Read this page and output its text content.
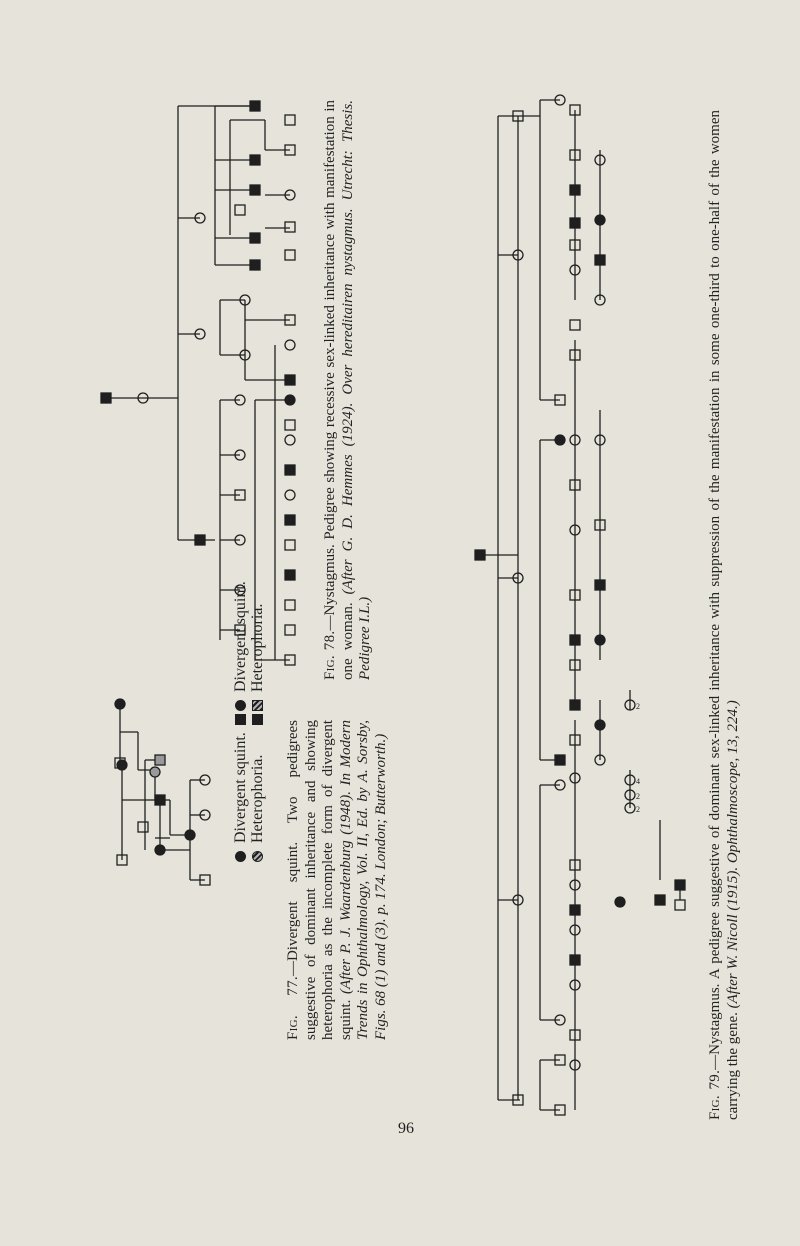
2
4
2
2
Divergent squint. Heterophoria.
Divergent squint. Heterophoria.

Fig. 77.—Divergent squint. Two pedigrees suggestive of dominant inheritance and showing heterophoria as the incomplete form of divergent squint. (After P. J. Waardenburg (1948). In Modern Trends in Ophthalmology, Vol. II, Ed. by A. Sorsby, Figs. 68 (1) and (3). p. 174. London; Butterworth.)

Fig. 78.—Nystagmus. Pedigree showing recessive sex-linked inheritance with manifestation in one woman. (After G. D. Hemmes (1924). Over hereditairen nystagmus. Utrecht: Thesis. Pedigree I.L.)

Fig. 79.—Nystagmus. A pedigree suggestive of dominant sex-linked inheritance with suppression of the manifestation in some one-third to one-half of the women carrying the gene. (After W. Nicoll (1915). Ophthalmoscope, 13, 224.)

96
